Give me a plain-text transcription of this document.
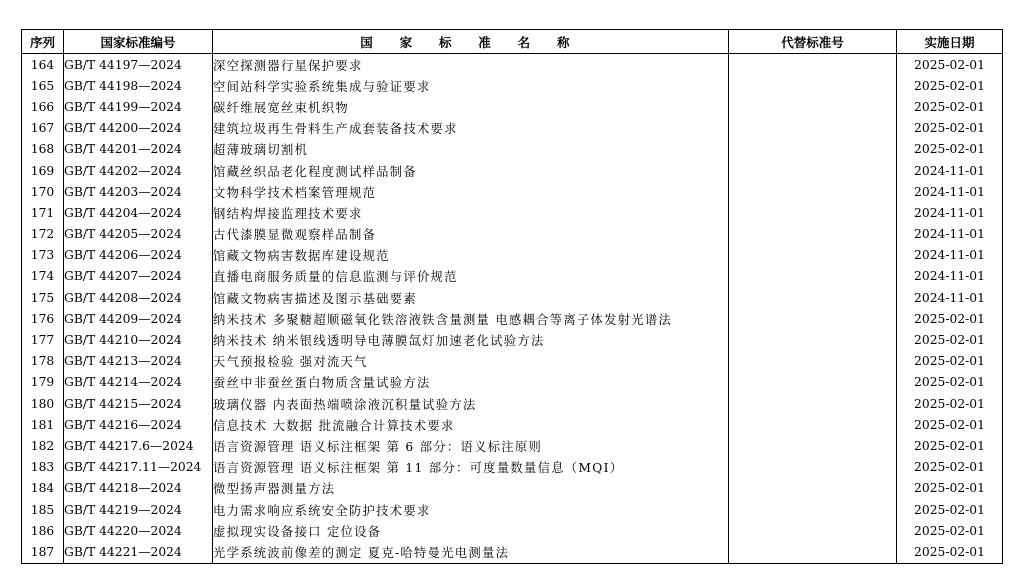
序列	国家标准编号	国 家 标 准 名 称	代替标准号	实施日期
164	GB/T 44197—2024	深空探测器行星保护要求		2025-02-01
165	GB/T 44198—2024	空间站科学实验系统集成与验证要求		2025-02-01
166	GB/T 44199—2024	碳纤维展宽丝束机织物		2025-02-01
167	GB/T 44200—2024	建筑垃圾再生骨料生产成套装备技术要求		2025-02-01
168	GB/T 44201—2024	超薄玻璃切割机		2025-02-01
169	GB/T 44202—2024	馆藏丝织品老化程度测试样品制备		2024-11-01
170	GB/T 44203—2024	文物科学技术档案管理规范		2024-11-01
171	GB/T 44204—2024	钢结构焊接监理技术要求		2024-11-01
172	GB/T 44205—2024	古代漆膜显微观察样品制备		2024-11-01
173	GB/T 44206—2024	馆藏文物病害数据库建设规范		2024-11-01
174	GB/T 44207—2024	直播电商服务质量的信息监测与评价规范		2024-11-01
175	GB/T 44208—2024	馆藏文物病害描述及图示基础要素		2024-11-01
176	GB/T 44209—2024	纳米技术 多聚糖超顺磁氧化铁溶液铁含量测量 电感耦合等离子体发射光谱法		2025-02-01
177	GB/T 44210—2024	纳米技术 纳米银线透明导电薄膜氙灯加速老化试验方法		2025-02-01
178	GB/T 44213—2024	天气预报检验 强对流天气		2025-02-01
179	GB/T 44214—2024	蚕丝中非蚕丝蛋白物质含量试验方法		2025-02-01
180	GB/T 44215—2024	玻璃仪器 内表面热端喷涂液沉积量试验方法		2025-02-01
181	GB/T 44216—2024	信息技术 大数据 批流融合计算技术要求		2025-02-01
182	GB/T 44217.6—2024	语言资源管理 语义标注框架 第 6 部分：语义标注原则		2025-02-01
183	GB/T 44217.11—2024	语言资源管理 语义标注框架 第 11 部分：可度量数量信息（MQI）		2025-02-01
184	GB/T 44218—2024	微型扬声器测量方法		2025-02-01
185	GB/T 44219—2024	电力需求响应系统安全防护技术要求		2025-02-01
186	GB/T 44220—2024	虚拟现实设备接口 定位设备		2025-02-01
187	GB/T 44221—2024	光学系统波前像差的测定 夏克-哈特曼光电测量法		2025-02-01
